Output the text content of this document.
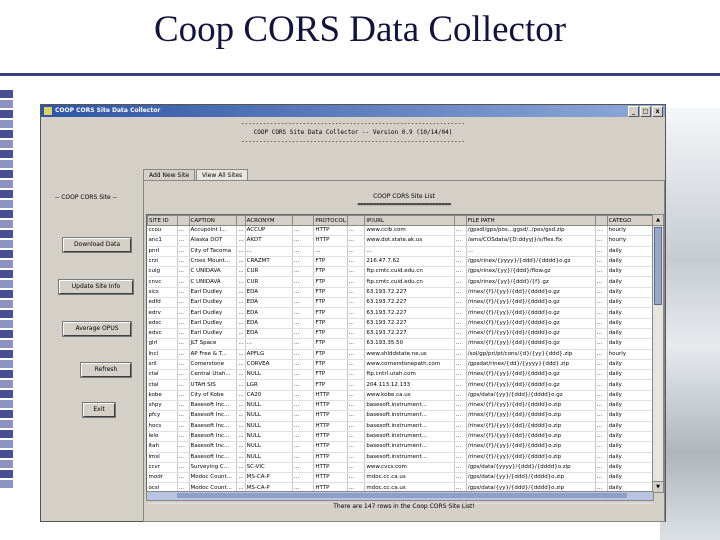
Coop CORS Data Collector
COOP CORS Site Data Collector	_	□	x
--------------------------------------------------------------
COOP CORS Site Data Collector -- Version 0.9 (10/14/04)
--------------------------------------------------------------
Add New Site	View All Sites
-- COOP CORS Site --
Download Data
Update Site Info
Average OPUS
Refresh
Exit
COOP CORS Site List
==============================
SITE ID		CAPTION		ACRONYM		PROTOCOL		IP/URL		FILE PATH		CATEGO
ccou	...	Accupoint I...	...	ACCUP	...	HTTP	...	www.ccib.com	...	/gpsdl/gps/pos...ggsd/../pos/gsd.zip	...	hourly
anc1	...	Alaska DOT	...	AKDT	...	HTTP	...	www.dot.state.ak.us	...	/ams/COSdata/{D:ddyyj}/s/flex.flx	...	hourly
pnrl	...	City of Tacoma	...	...	...	...	...	...	...	...	...	daily
crzi	...	Cross Mount...	...	CRAZMT	...	FTP	...	216.47.7.62	...	/gps/rinex/{yyyy}/{ddd}/{dddd}o.gz	...	daily
culg	...	C UNIDAVA	...	CUR	...	FTP	...	ftp.cmtc.cuid.edu.cn	...	/gps/rinex/{yy}/{ddd}/flow.gz	...	daily
cnvc	...	C UNIDAVA	...	CUR	...	FTP	...	ftp.cmtc.cuid.edu.cn	...	/gps/rinex/{yy}/{ddd}/{f}.gz	...	daily
sics	...	Earl Dudley	...	EDA	...	FTP	...	63.193.72.227	...	/rinex/{f}/{yy}/{dd}/{dddd}o.gz	...	daily
edfd	...	Earl Dudley	...	EDA	...	FTP	...	63.193.72.227	...	/rinex/{f}/{yy}/{dd}/{dddd}o.gz	...	daily
edrv	...	Earl Dudley	...	EDA	...	FTP	...	63.193.72.227	...	/rinex/{f}/{yy}/{dd}/{dddd}o.gz	...	daily
edsc	...	Earl Dudley	...	EDA	...	FTP	...	63.193.72.227	...	/rinex/{f}/{yy}/{dd}/{dddd}o.gz	...	daily
edvc	...	Earl Dudley	...	EDA	...	FTP	...	63.193.72.227	...	/rinex/{f}/{yy}/{dd}/{dddd}o.gz	...	daily
glrl	...	JLT Space	...	...	...	FTP	...	63.193.35.50	...	/rinex/{f}/{yy}/{dd}/{dddd}o.gz	...	daily
lncl	...	AP Free & T...	...	APFLG	...	FTP	...	www.shlddstate.ne.us	...	/sol/gp/pri/pt/cons/{d}/{yy}{ddd}.zip	...	hourly
sril	...	Comerstone	...	CORVEA	...	FTP	...	www.cornerstonepath.com	...	/gpsdat/rinex/{dd}/{yyyy}{ddd}.zip	...	daily
ctal	...	Central Utah...	...	NULL	...	FTP	...	ftp.cntrl.utah.com	...	/rinex/{f}/{yy}/{dd}/{dddd}o.gz	...	daily
ctal	...	UTAH SIS	...	LGR	...	FTP	...	204.113.12.133	...	/rinex/{f}/{yy}/{dd}/{dddd}o.gz	...	daily
kobe	...	City of Kobe	...	CA20	...	HTTP	...	www.kobe.ca.us	...	/gps/data/{yy}/{ddd}/{dddd}o.gz	...	daily
shpy	...	Basesoft Inc...	...	NULL	...	HTTP	...	basesoft.instrument...	...	/rinex/{f}/{yy}/{dd}/{dddd}o.zip	...	daily
pfcy	...	Basesoft Inc...	...	NULL	...	HTTP	...	basesoft.instrument...	...	/rinex/{f}/{yy}/{dd}/{dddd}o.zip	...	daily
hocs	...	Basesoft Inc...	...	NULL	...	HTTP	...	basesoft.instrument...	...	/rinex/{f}/{yy}/{dd}/{dddd}o.zip	...	daily
lelo	...	Basesoft Inc...	...	NULL	...	HTTP	...	basesoft.instrument...	...	/rinex/{f}/{yy}/{dd}/{dddd}o.zip	...	daily
ltah	...	Basesoft Inc...	...	NULL	...	HTTP	...	basesoft.instrument...	...	/rinex/{f}/{yy}/{dd}/{dddd}o.zip	...	daily
lmsl	...	Basesoft Inc...	...	NULL	...	HTTP	...	basesoft.instrument...	...	/rinex/{f}/{yy}/{dd}/{dddd}o.zip	...	daily
ccvr	...	Surveying C...	...	SC-VIC	...	HTTP	...	www.cvcs.com	...	/gps/data/{yyyy}/{ddd}/{dddd}o.zip	...	daily
modr	...	Modoc Count...	...	MS-CA-P	...	HTTP	...	mdoc.cc.ca.us	...	/gps/data/{yy}/{ddd}/{dddd}o.zip	...	daily
ocsl	...	Modoc Count...	...	MS-CA-P	...	HTTP	...	mdoc.cc.ca.us	...	/gps/data/{yy}/{ddd}/{dddd}o.zip	...	daily

▲
▼
There are 147 rows in the Coop CORS Site List!
